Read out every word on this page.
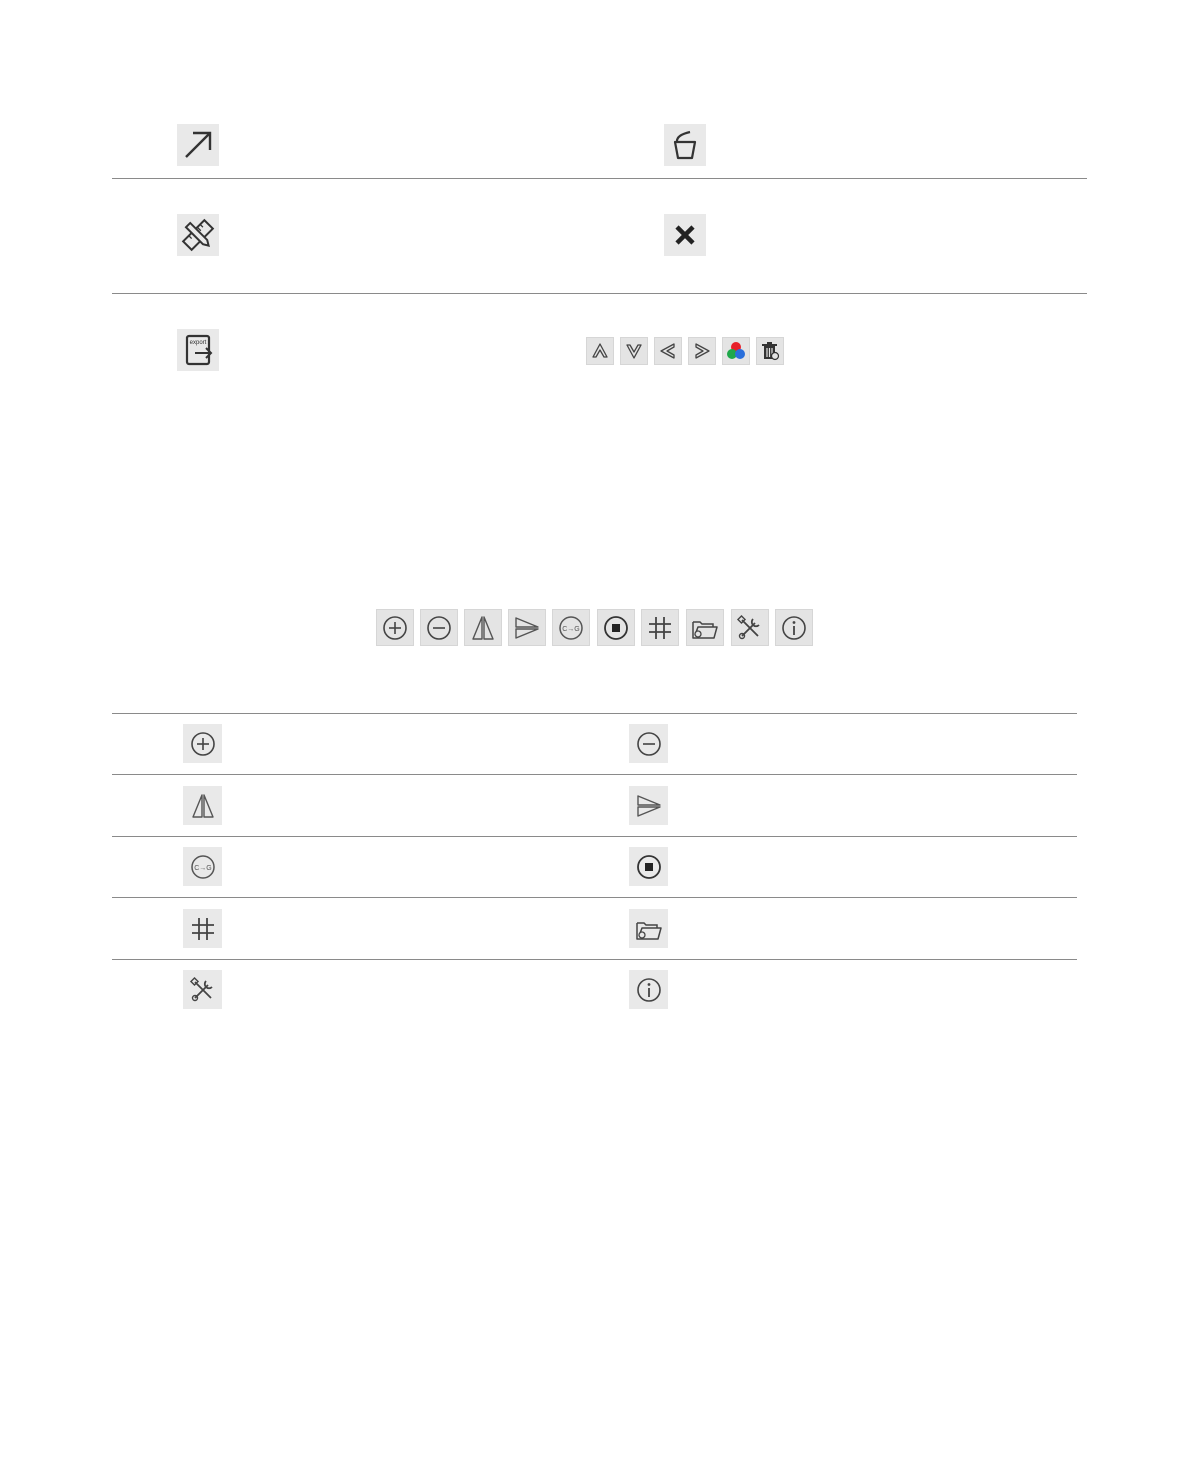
export
C→G
C→G
